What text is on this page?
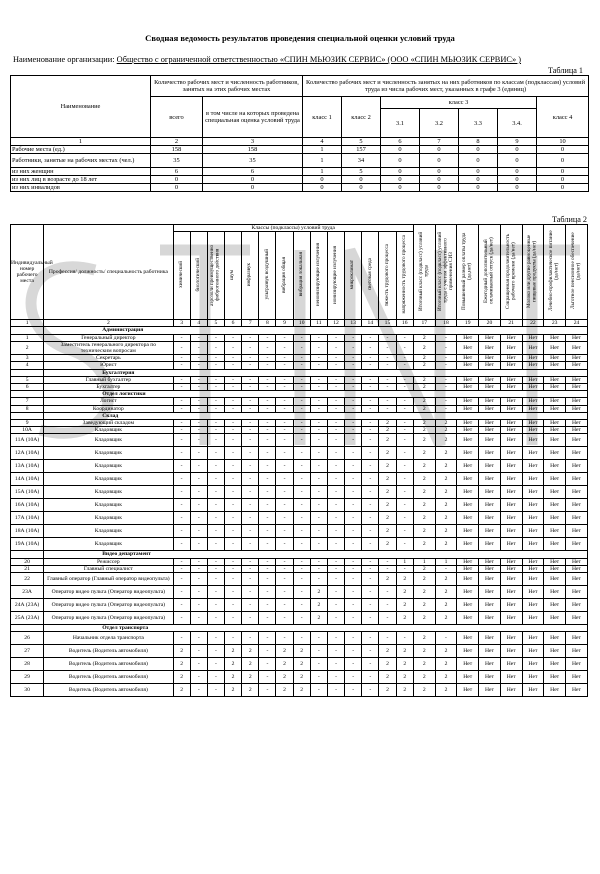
Сводная ведомость результатов проведения специальной оценки условий труда
Наименование организации: Общество с ограниченной ответственностью «СПИН МЬЮЗИК СЕРВИС» (ООО «СПИН МЬЮЗИК СЕРВИС» )
Таблица 1
Наименование	Количество рабочих мест и численность работников, занятых на этих рабочих местах		Количество рабочих мест и численность занятых на них работников по классам (подклассам) условий труда из числа рабочих мест, указанных в графе 3 (единиц)						
	всего	в том числе на которых проведена специальная оценка условий труда	класс 1	класс 2	класс 3				класс 4
					3.1	3.2	3.3	3.4.	
1	2	3	4	5	6	7	8	9	10
Рабочие места (ед.)	158	158	1	157	0	0	0	0	0
Работники, занятые на рабочих местах (чел.)	35	35	1	34	0	0	0	0	0
из них женщин	6	6	1	5	0	0	0	0	0
из них лиц в возрасте до 18 лет	0	0	0	0	0	0	0	0	0
из них инвалидов	0	0	0	0	0	0	0	0	0
Таблица 2
Индивидуальный номер рабочего места	Профессия/ должность/ специальность работника	Классы (подклассы) условий труда														Итоговый класс (подкласс) условий труда	Итоговый класс (подкласс) условий труда с учетом эффективного применения СИЗ	Повышенный размер оплаты труда (да,нет)	Ежегодный дополнительный оплачиваемый отпуск (да/нет)	Сокращенная продолжительность рабочего времени (да/нет)	Молоко или другие равноценные пищевые продукты (да/нет)	Лечебно-профилактическое питание (да/нет)	Льготное пенсионное обеспечение (да/нет)
		химический	биологический	аэрозоли преимущественно фиброгенного действия	шум	инфразвук	ультразвук воздушный	вибрация общая	вибрация локальная	неионизирующие излучения	ионизирующие излучения	микроклимат	световая среда	тяжесть трудового процесса	напряженность трудового процесса								
1	2	3	4	5	6	7	8	9	10	11	12	13	14	15	16	17	18	19	20	21	22	23	24
	Администрация																						
1	Генеральный директор	-	-	-	-	-	-	-	-	-	-	-	-	-	-	2	-	Нет	Нет	Нет	Нет	Нет	Нет
2	Заместитель генерального директора по техническим вопросам	-	-	-	-	-	-	-	-	-	-	-	-	-	-	2	-	Нет	Нет	Нет	Нет	Нет	Нет
3	Секретарь	-	-	-	-	-	-	-	-	-	-	-	-	-	-	2	-	Нет	Нет	Нет	Нет	Нет	Нет
4	Юрист	-	-	-	-	-	-	-	-	-	-	-	-	-	-	2	-	Нет	Нет	Нет	Нет	Нет	Нет
	Бухгалтерия																						
5	Главный бухгалтер	-	-	-	-	-	-	-	-	-	-	-	-	-	-	2	-	Нет	Нет	Нет	Нет	Нет	Нет
6	Бухгалтер	-	-	-	-	-	-	-	-	-	-	-	-	-	-	2	-	Нет	Нет	Нет	Нет	Нет	Нет
	Отдел логистики																						
7	Логист	-	-	-	-	-	-	-	-	-	-	-	-	-	-	2	-	Нет	Нет	Нет	Нет	Нет	Нет
8	Координатор	-	-	-	-	-	-	-	-	-	-	-	-	-	-	2	-	Нет	Нет	Нет	Нет	Нет	Нет
	Склад																						
9	Заведующий складом	-	-	-	-	-	-	-	-	-	-	-	-	2	-	2	2	Нет	Нет	Нет	Нет	Нет	Нет
10А	Кладовщик	-	-	-	-	-	-	-	-	-	-	-	-	2	-	2	2	Нет	Нет	Нет	Нет	Нет	Нет
11А (10А)	Кладовщик	-	-	-	-	-	-	-	-	-	-	-	-	2	-	2	2	Нет	Нет	Нет	Нет	Нет	Нет
12А (10А)	Кладовщик	-	-	-	-	-	-	-	-	-	-	-	-	2	-	2	2	Нет	Нет	Нет	Нет	Нет	Нет
13А (10А)	Кладовщик	-	-	-	-	-	-	-	-	-	-	-	-	2	-	2	2	Нет	Нет	Нет	Нет	Нет	Нет
14А (10А)	Кладовщик	-	-	-	-	-	-	-	-	-	-	-	-	2	-	2	2	Нет	Нет	Нет	Нет	Нет	Нет
15А (10А)	Кладовщик	-	-	-	-	-	-	-	-	-	-	-	-	2	-	2	2	Нет	Нет	Нет	Нет	Нет	Нет
16А (10А)	Кладовщик	-	-	-	-	-	-	-	-	-	-	-	-	2	-	2	2	Нет	Нет	Нет	Нет	Нет	Нет
17А (10А)	Кладовщик	-	-	-	-	-	-	-	-	-	-	-	-	2	-	2	2	Нет	Нет	Нет	Нет	Нет	Нет
18А (10А)	Кладовщик	-	-	-	-	-	-	-	-	-	-	-	-	2	-	2	2	Нет	Нет	Нет	Нет	Нет	Нет
19А (10А)	Кладовщик	-	-	-	-	-	-	-	-	-	-	-	-	2	-	2	2	Нет	Нет	Нет	Нет	Нет	Нет
	Видео департамент																						
20	Режиссер	-	-	-	-	-	-	-	-	-	-	-	-	-	1	1	1	Нет	Нет	Нет	Нет	Нет	Нет
21	Главный специалист	-	-	-	-	-	-	-	-	-	-	-	-	-	-	2	-	Нет	Нет	Нет	Нет	Нет	Нет
22	Главный оператор (Главный оператор видеопульта)	-	-	-	-	-	-	-	-	-	-	-	-	2	2	2	2	Нет	Нет	Нет	Нет	Нет	Нет
23А	Оператор видео пульта (Оператор видеопульта)	-	-	-	-	-	-	-	-	2	-	-	-	-	2	2	2	Нет	Нет	Нет	Нет	Нет	Нет
24А (23А)	Оператор видео пульта (Оператор видеопульта)	-	-	-	-	-	-	-	-	2	-	-	-	-	2	2	2	Нет	Нет	Нет	Нет	Нет	Нет
25А (23А)	Оператор видео пульта (Оператор видеопульта)	-	-	-	-	-	-	-	-	2	-	-	-	-	2	2	2	Нет	Нет	Нет	Нет	Нет	Нет
	Отдел транспорта																						
26	Начальник отдела транспорта	-	-	-	-	-	-	-	-	-	-	-	-	-	-	2	-	Нет	Нет	Нет	Нет	Нет	Нет
27	Водитель (Водитель автомобиля)	2	-	-	2	2	-	2	2	-	-	-	-	2	2	2	2	Нет	Нет	Нет	Нет	Нет	Нет
28	Водитель (Водитель автомобиля)	2	-	-	2	2	-	2	2	-	-	-	-	2	2	2	2	Нет	Нет	Нет	Нет	Нет	Нет
29	Водитель (Водитель автомобиля)	2	-	-	2	2	-	2	2	-	-	-	-	2	2	2	2	Нет	Нет	Нет	Нет	Нет	Нет
30	Водитель (Водитель автомобиля)	2	-	-	2	2	-	2	2	-	-	-	-	2	2	2	2	Нет	Нет	Нет	Нет	Нет	Нет
